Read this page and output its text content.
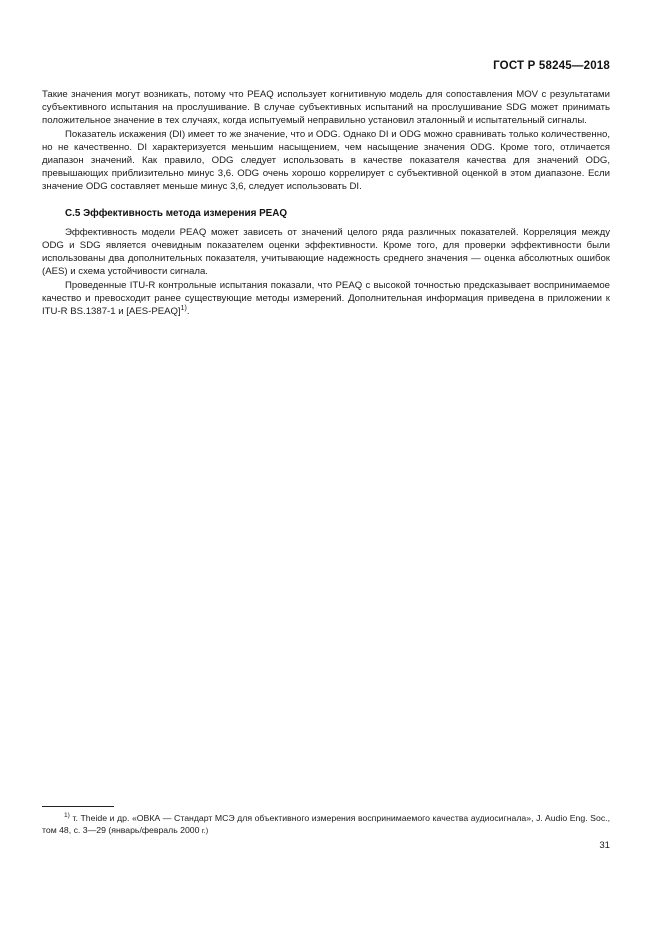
ГОСТ Р 58245—2018

Такие значения могут возникать, потому что PEAQ использует когнитивную модель для сопоставления MOV с результатами субъективного испытания на прослушивание. В случае субъективных испытаний на прослушивание SDG может принимать положительное значение в тех случаях, когда испытуемый неправильно установил эталонный и испытательный сигналы.

Показатель искажения (DI) имеет то же значение, что и ODG. Однако DI и ODG можно сравнивать только количественно, но не качественно. DI характеризуется меньшим насыщением, чем насыщение значения ODG. Кроме того, отличается диапазон значений. Как правило, ODG следует использовать в качестве показателя качества для значений ODG, превышающих приблизительно минус 3,6. ODG очень хорошо коррелирует с субъективной оценкой в этом диапазоне. Если значение ODG составляет меньше минус 3,6, следует использовать DI.

С.5 Эффективность метода измерения PEAQ

Эффективность модели PEAQ может зависеть от значений целого ряда различных показателей. Корреляция между ODG и SDG является очевидным показателем оценки эффективности. Кроме того, для проверки эффективности были использованы два дополнительных показателя, учитывающие надежность среднего значения — оценка абсолютных ошибок (AES) и схема устойчивости сигнала.

Проведенные ITU-R контрольные испытания показали, что PEAQ с высокой точностью предсказывает воспринимаемое качество и превосходит ранее существующие методы измерений. Дополнительная информация приведена в приложении к ITU-R BS.1387-1 и [AES-PEAQ]$^{1)}$.

$^{1)}$ т. Theide и др. «ОВКА — Стандарт МСЭ для объективного измерения воспринимаемого качества аудиосигнала», J. Audio Eng. Soc., том 48, с. 3—29 (январь/февраль 2000 г.)

31
